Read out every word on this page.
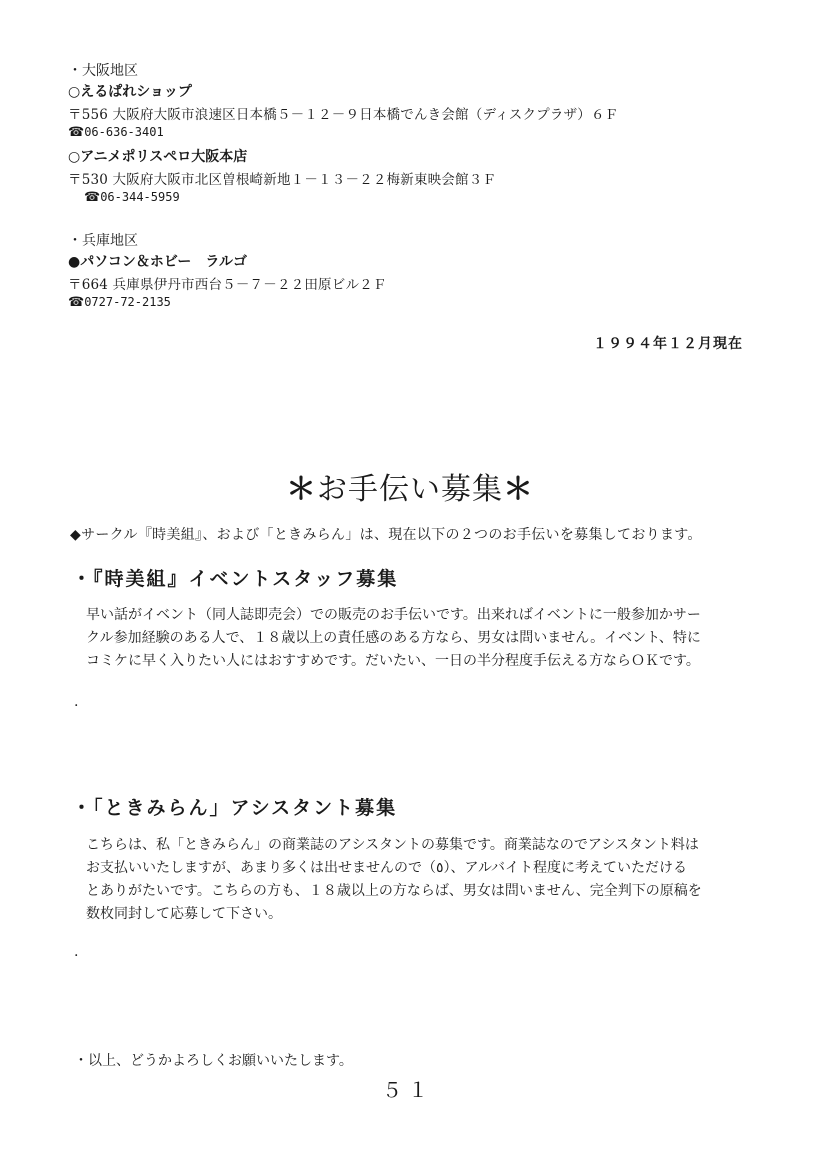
・大阪地区
○えるぱれショップ
〒556 大阪府大阪市浪速区日本橋５－１２－９日本橋でんき会館（ディスクプラザ）６Ｆ
☎06-636-3401
○アニメポリスペロ大阪本店
〒530 大阪府大阪市北区曽根崎新地１－１３－２２梅新東映会館３Ｆ
☎06-344-5959
・兵庫地区
●パソコン＆ホビー　ラルゴ
〒664 兵庫県伊丹市西台５－７－２２田原ビル２Ｆ
☎0727-72-2135
１９９４年１２月現在
＊お手伝い募集＊
◆サークル『時美組』、および「ときみらん」は、現在以下の２つのお手伝いを募集しております。
・『時美組』イベントスタッフ募集

早い話がイベント（同人誌即売会）での販売のお手伝いです。出来ればイベントに一般参加かサー

クル参加経験のある人で、１８歳以上の責任感のある方なら、男女は問いません。イベント、特に

コミケに早く入りたい人にはおすすめです。だいたい、一日の半分程度手伝える方ならＯＫです。

.
・「ときみらん」アシスタント募集

こちらは、私「ときみらん」の商業誌のアシスタントの募集です。商業誌なのでアシスタント料は

お支払いいたしますが、あまり多くは出せませんので（٥）、アルバイト程度に考えていただける

とありがたいです。こちらの方も、１８歳以上の方ならば、男女は問いません、完全判下の原稿を

数枚同封して応募して下さい。

.
・以上、どうかよろしくお願いいたします。
５１
